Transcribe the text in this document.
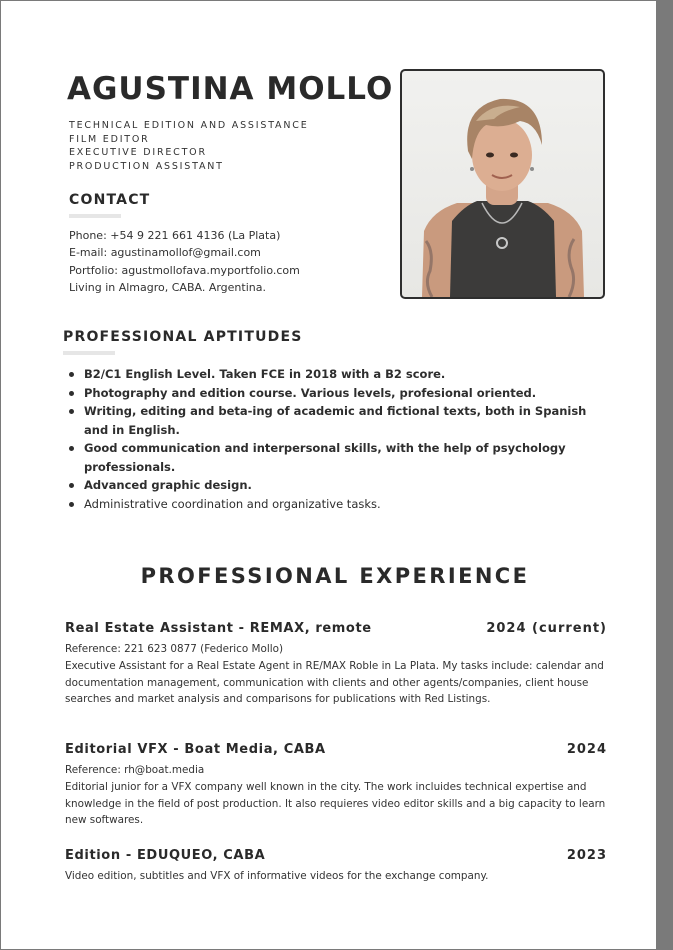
AGUSTINA MOLLO
TECHNICAL EDITION AND ASSISTANCE
FILM EDITOR
EXECUTIVE DIRECTOR
PRODUCTION ASSISTANT
CONTACT
Phone: +54 9 221 661 4136 (La Plata)
E-mail: agustinamollof@gmail.com
Portfolio: agustmollofava.myportfolio.com
Living in Almagro, CABA. Argentina.
PROFESSIONAL APTITUDES
B2/C1 English Level. Taken FCE in 2018 with a B2 score.
Photography and edition course. Various levels, profesional oriented.
Writing, editing and beta-ing of academic and fictional texts, both in Spanish and in English.
Good communication and interpersonal skills, with the help of psychology professionals.
Advanced graphic design.
Administrative coordination and organizative tasks.
PROFESSIONAL EXPERIENCE
Real Estate Assistant - REMAX, remote	2024 (current)

Reference: 221 623 0877 (Federico Mollo)

Executive Assistant for a Real Estate Agent in RE/MAX Roble in La Plata. My tasks include: calendar and documentation management, communication with clients and other agents/companies, client house searches and market analysis and comparisons for publications with Red Listings.

Editorial VFX - Boat Media, CABA	2024

Reference: rh@boat.media

Editorial junior for a VFX company well known in the city. The work incluides technical expertise and knowledge in the field of post production. It also requieres video editor skills and a big capacity to learn new softwares.

Edition - EDUQUEO, CABA	2023

Video edition, subtitles and VFX of informative videos for the exchange company.
